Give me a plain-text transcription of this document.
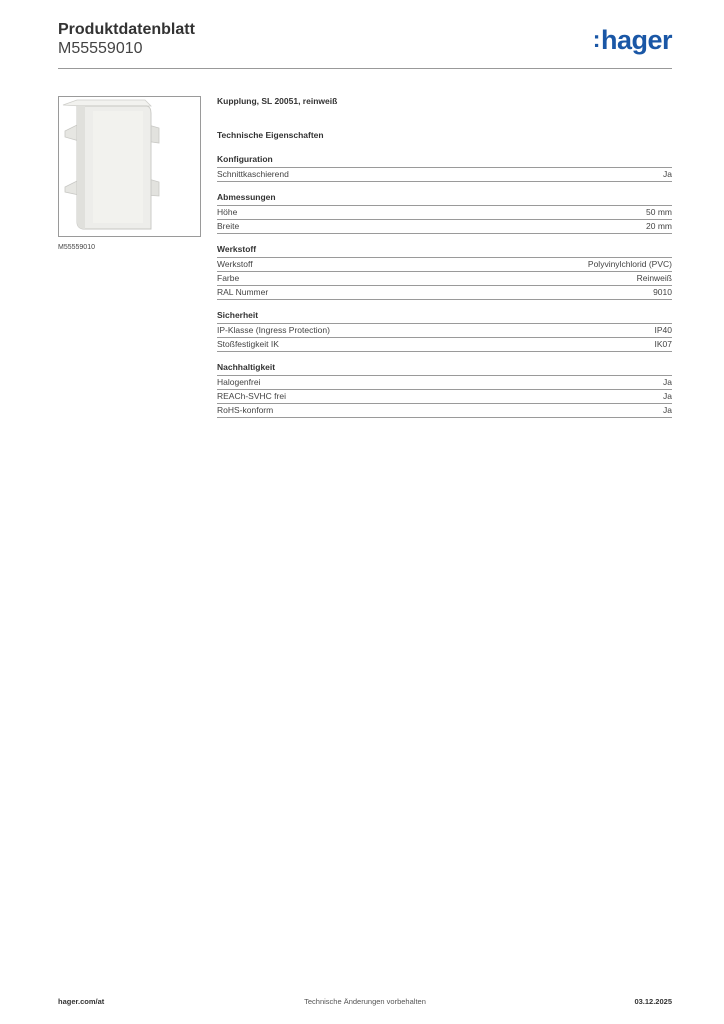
Produktdatenblatt
M55559010	:hager
M55559010
Kupplung, SL 20051, reinweiß
Technische Eigenschaften
Konfiguration
Schnittkaschierend	Ja
Abmessungen
Höhe	50 mm
Breite	20 mm
Werkstoff
Werkstoff	Polyvinylchlorid (PVC)
Farbe	Reinweiß
RAL Nummer	9010
Sicherheit
IP-Klasse (Ingress Protection)	IP40
Stoßfestigkeit IK	IK07
Nachhaltigkeit
Halogenfrei	Ja
REACh-SVHC frei	Ja
RoHS-konform	Ja
hager.com/at	Technische Änderungen vorbehalten	03.12.2025
